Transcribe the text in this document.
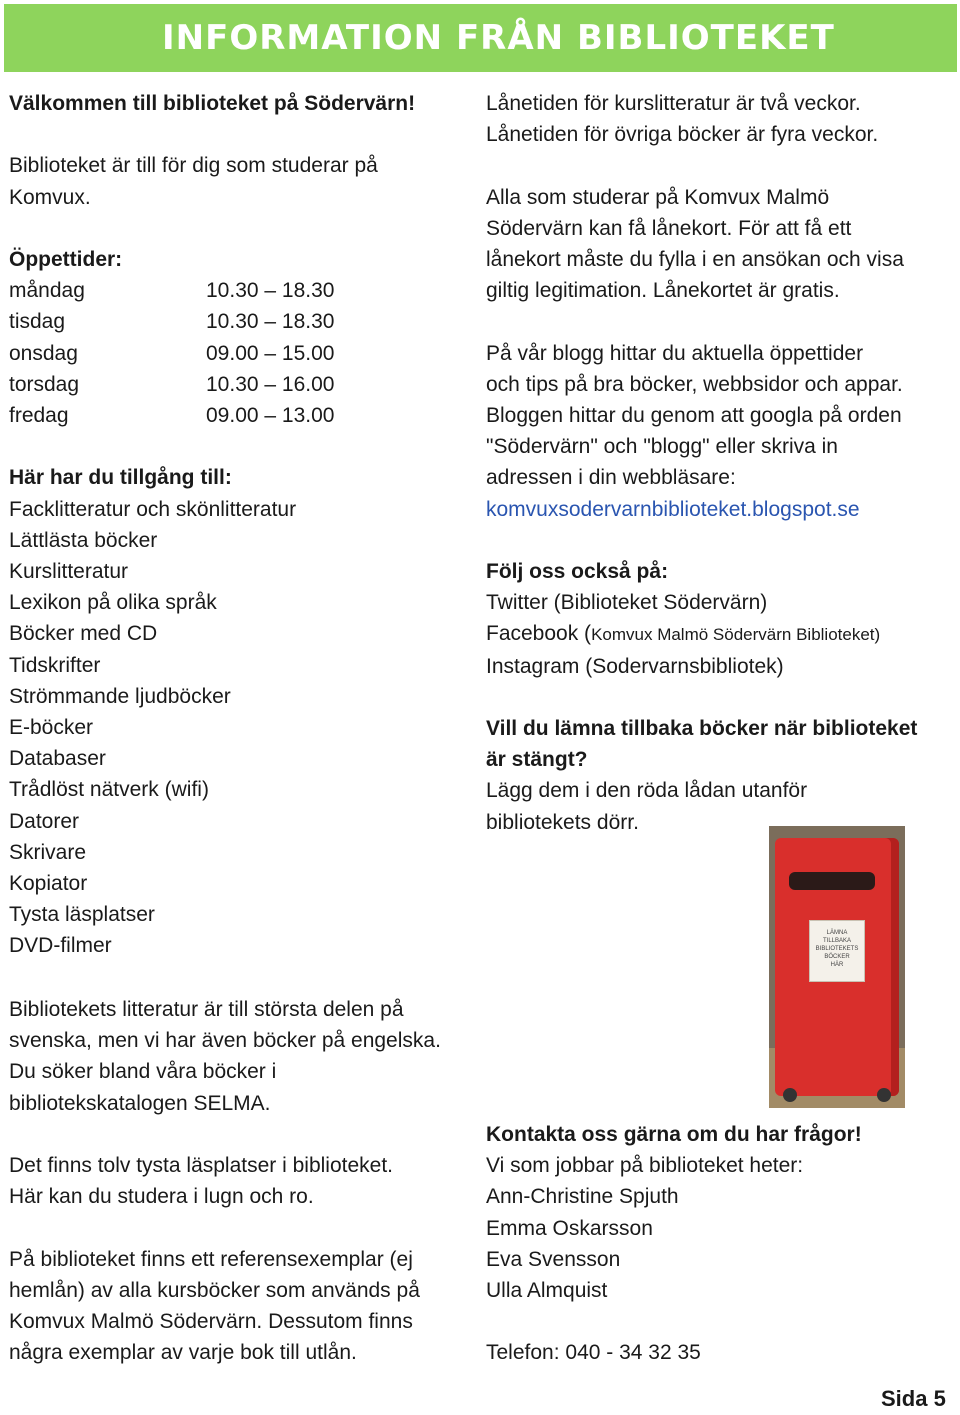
INFORMATION FRÅN BIBLIOTEKET

Välkommen till biblioteket på Södervärn!

Biblioteket är till för dig som studerar på

Komvux.

Öppettider:

måndag	10.30 – 18.30
tisdag	10.30 – 18.30
onsdag	09.00 – 15.00
torsdag	10.30 – 16.00
fredag	09.00 – 13.00

Här har du tillgång till:

Facklitteratur och skönlitteratur

Lättlästa böcker

Kurslitteratur

Lexikon på olika språk

Böcker med CD

Tidskrifter

Strömmande ljudböcker

E-böcker

Databaser

Trådlöst nätverk (wifi)

Datorer

Skrivare

Kopiator

Tysta läsplatser

DVD-filmer

Bibliotekets litteratur är till största delen på

svenska, men vi har även böcker på engelska.

Du söker bland våra böcker i

bibliotekskatalogen SELMA.

Det finns tolv tysta läsplatser i biblioteket.

Här kan du studera i lugn och ro.

På biblioteket finns ett referensexemplar (ej

hemlån) av alla kursböcker som används på

Komvux Malmö Södervärn. Dessutom finns

några exemplar av varje bok till utlån.

Lånetiden för kurslitteratur är två veckor.

Lånetiden för övriga böcker är fyra veckor.

Alla som studerar på Komvux Malmö

Södervärn kan få lånekort. För att få ett

lånekort måste du fylla i en ansökan och visa

giltig legitimation. Lånekortet är gratis.

På vår blogg hittar du aktuella öppettider

och tips på bra böcker, webbsidor och appar.

Bloggen hittar du genom att googla på orden

"Södervärn" och "blogg" eller skriva in

adressen i din webbläsare:

komvuxsodervarnbiblioteket.blogspot.se

Följ oss också på:

Twitter (Biblioteket Södervärn)

Facebook (Komvux Malmö Södervärn Biblioteket)

Instagram (Sodervarnsbibliotek)

Vill du lämna tillbaka böcker när biblioteket

är stängt?

Lägg dem i den röda lådan utanför

bibliotekets dörr.

LÄMNA
TILLBAKA
BIBLIOTEKETS
BÖCKER
HÄR

Kontakta oss gärna om du har frågor!

Vi som jobbar på biblioteket heter:

Ann-Christine Spjuth

Emma Oskarsson

Eva Svensson

Ulla Almquist

Telefon: 040 - 34 32 35

Sida 5
